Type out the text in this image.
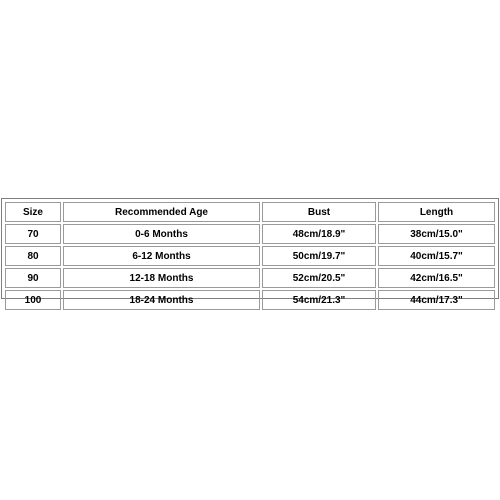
Size	Recommended Age	Bust	Length
70	0-6 Months	48cm/18.9"	38cm/15.0"
80	6-12 Months	50cm/19.7"	40cm/15.7"
90	12-18 Months	52cm/20.5"	42cm/16.5"
100	18-24 Months	54cm/21.3"	44cm/17.3"
